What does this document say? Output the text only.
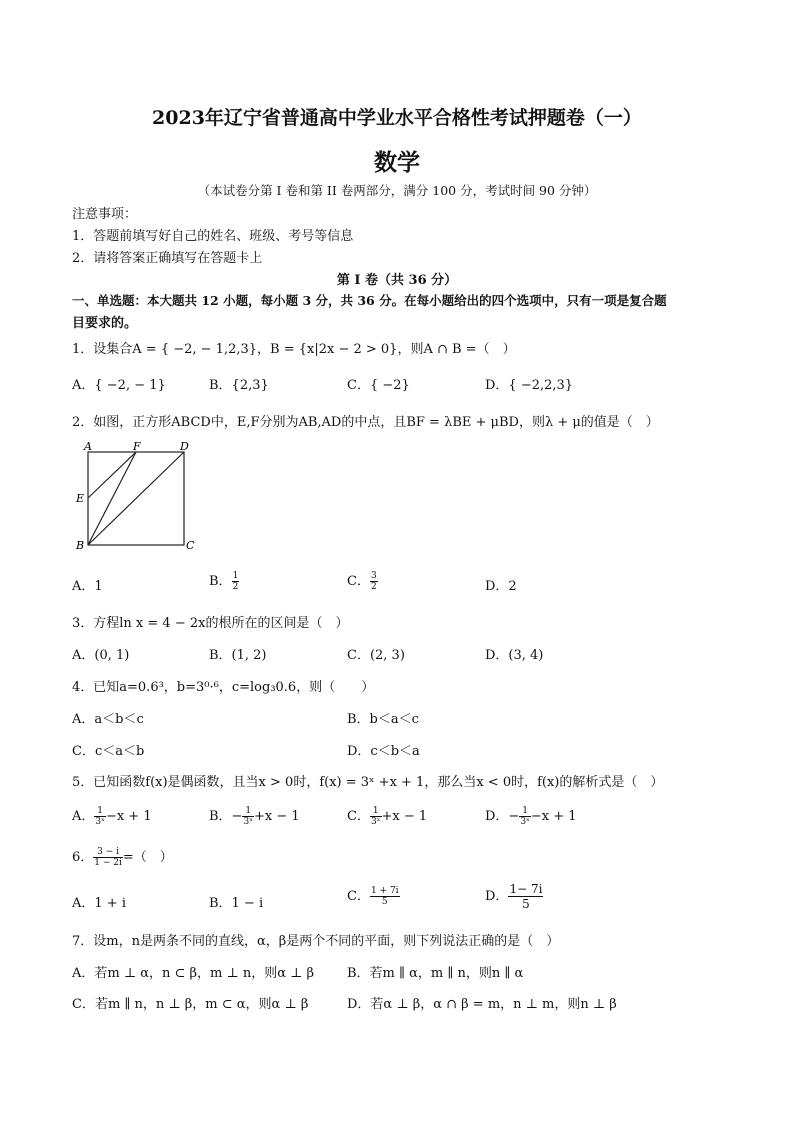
2023年辽宁省普通高中学业水平合格性考试押题卷（一）
数学
（本试卷分第 I 卷和第 II 卷两部分，满分 100 分，考试时间 90 分钟）
注意事项：
1．答题前填写好自己的姓名、班级、考号等信息
2．请将答案正确填写在答题卡上
第 I 卷（共 36 分）
一、单选题：本大题共 12 小题，每小题 3 分，共 36 分。在每小题给出的四个选项中，只有一项是复合题
目要求的。
1．设集合A = { −2, − 1,2,3}，B = {x|2x − 2 > 0}，则A ∩ B =（　）
A．{ −2, − 1}	B．{2,3}	C．{ −2}	D．{ −2,2,3}
2．如图，正方形ABCD中，E,F分别为AB,AD的中点，且BF = λBE + μBD，则λ + μ的值是（　）
A	F	D
E
B	C
A．1	B． $\frac{1}{2}$	C． $\frac{3}{2}$	D．2
3．方程ln x = 4 − 2x的根所在的区间是（　）
A．(0, 1)	B．(1, 2)	C．(2, 3)	D．(3, 4)
4．已知a=0.6³，b=3⁰·⁶，c=log₃0.6，则（　　）
A．a＜b＜c	B．b＜a＜c
C．c＜a＜b	D．c＜b＜a
5．已知函数f(x)是偶函数，且当x > 0时，f(x) = 3ˣ +x + 1，那么当x < 0时，f(x)的解析式是（　）
A． $\frac{1}{\text{3ˣ}} -x + 1$	B．− $\frac{1}{\text{3ˣ}} +x - 1$	C． $\frac{1}{\text{3ˣ}} +x - 1$	D．− $\frac{1}{\text{3ˣ}} -x + 1$
6． $\frac{3 - i}{1 - 2i}$ =（　）
A．1 + i	B．1 − i	C． $\frac{1 + 7i}{5}$	D． $\frac{1- 7i}{5}$
7．设m，n是两条不同的直线，α，β是两个不同的平面，则下列说法正确的是（　）
A．若m ⊥ α，n ⊂ β，m ⊥ n，则α ⊥ β	B．若m ∥ α，m ∥ n，则n ∥ α
C．若m ∥ n，n ⊥ β，m ⊂ α，则α ⊥ β	D．若α ⊥ β，α ∩ β = m，n ⊥ m，则n ⊥ β
